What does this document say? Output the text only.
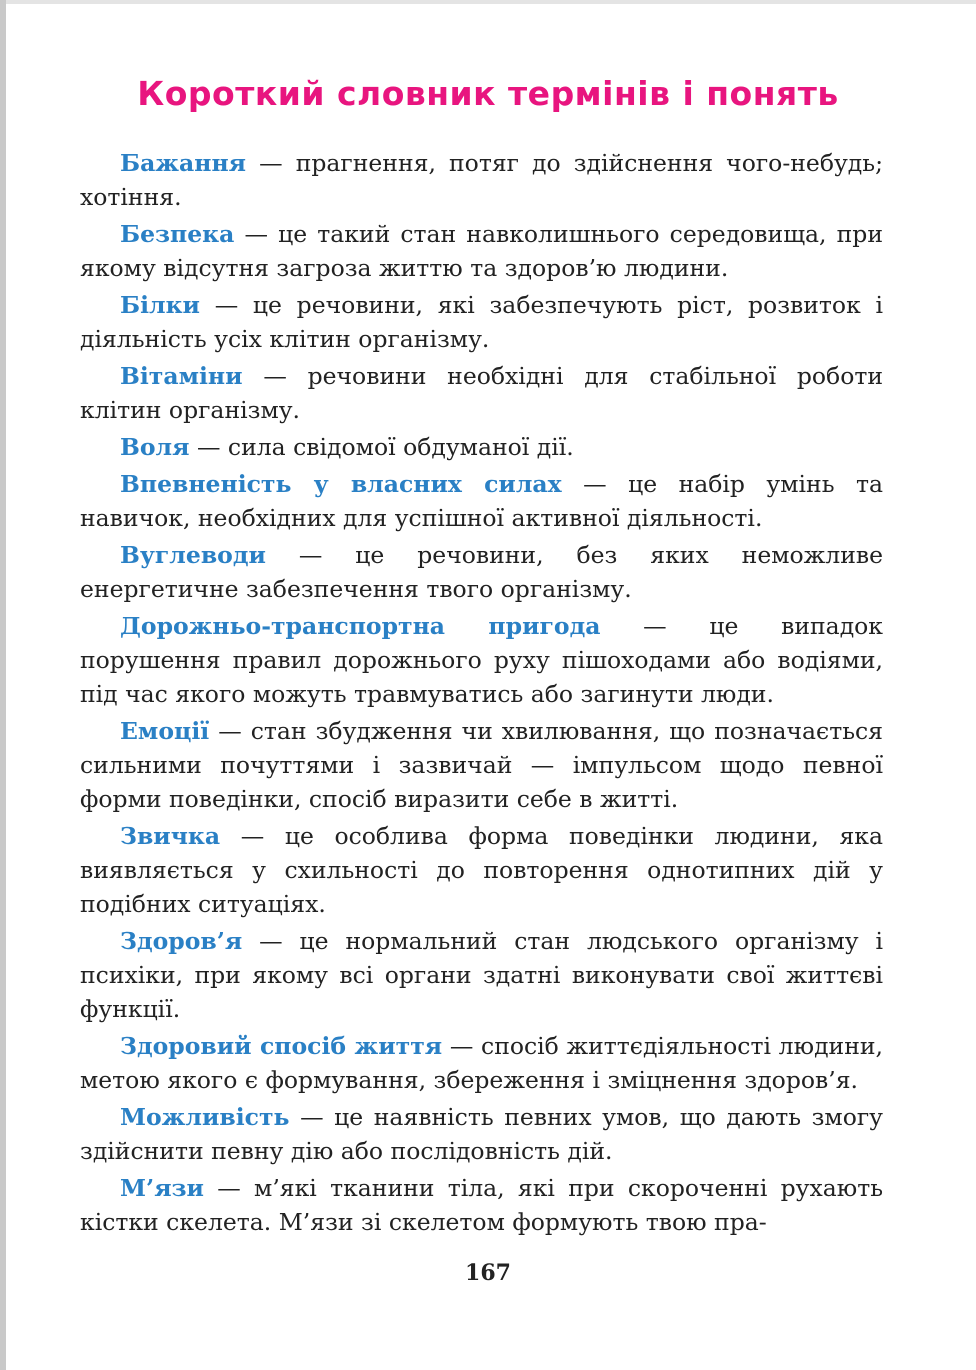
Короткий словник термінів і понять

Бажання — прагнення, потяг до здійснення чого-небудь; хотіння.

Безпека — це такий стан навколишнього середовища, при якому відсутня загроза життю та здоров’ю людини.

Білки — це речовини, які забезпечують ріст, розвиток і діяльність усіх клітин організму.

Вітаміни — речовини необхідні для стабільної роботи клітин організму.

Воля — сила свідомої обдуманої дії.

Впевненість у власних силах — це набір умінь та навичок, необхідних для успішної активної діяльності.

Вуглеводи — це речовини, без яких неможливе енергетичне забезпечення твого організму.

Дорожньо-транспортна пригода — це випадок порушення правил дорожнього руху пішоходами або водіями, під час якого можуть травмуватись або загинути люди.

Емоції — стан збудження чи хвилювання, що позначається сильними почуттями і зазвичай — імпульсом щодо певної форми поведінки, спосіб виразити себе в житті.

Звичка — це особлива форма поведінки людини, яка виявляється у схильності до повторення однотипних дій у подібних ситуаціях.

Здоров’я — це нормальний стан людського організму і психіки, при якому всі органи здатні виконувати свої життєві функції.

Здоровий спосіб життя — спосіб життєдіяльності людини, метою якого є формування, збереження і зміцнення здоров’я.

Можливість — це наявність певних умов, що дають змогу здійснити певну дію або послідовність дій.

М’язи — м’які тканини тіла, які при скороченні рухають кістки скелета. М’язи зі скелетом формують твою пра-

167
